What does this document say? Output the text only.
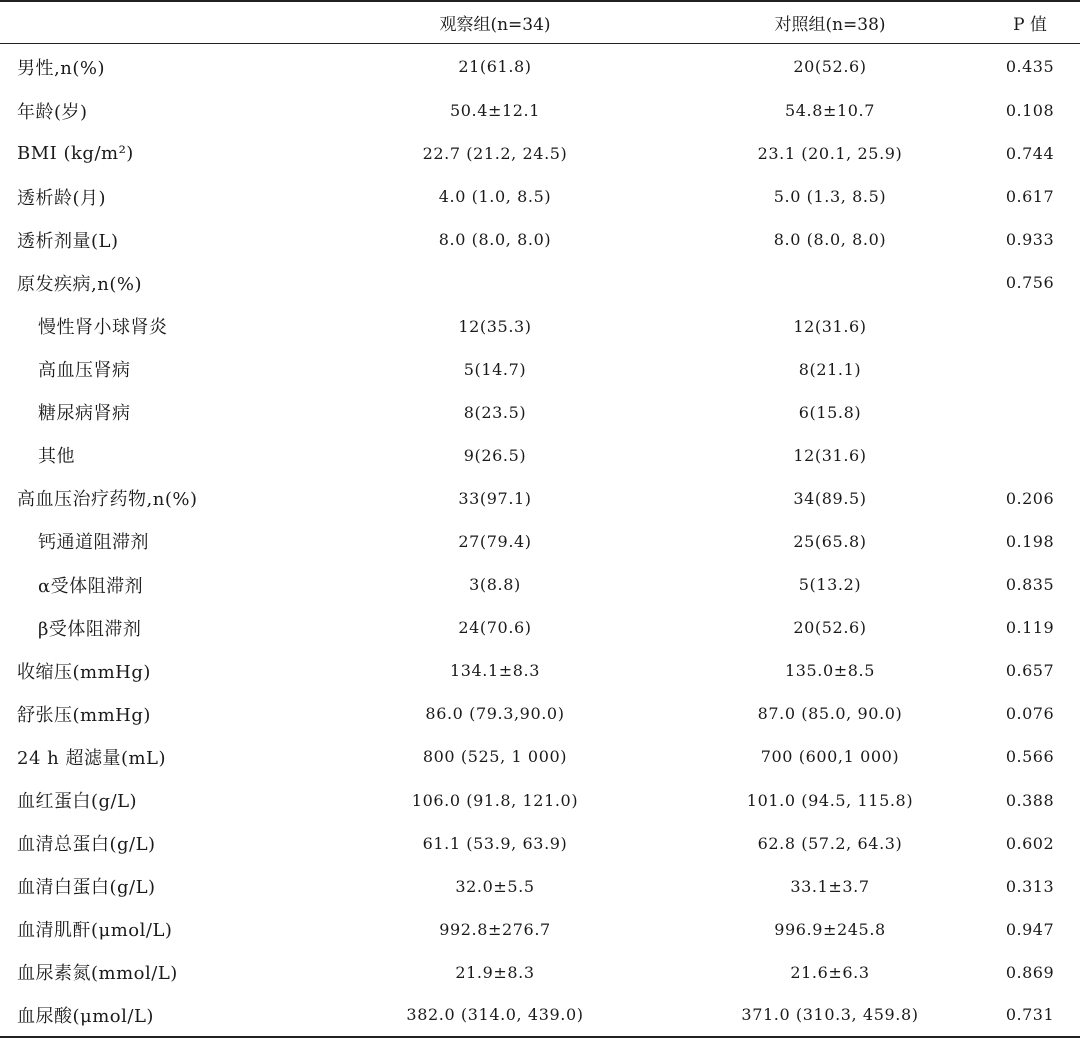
	观察组(n=34)	对照组(n=38)	P 值
男性,n(%)	21(61.8)	20(52.6)	0.435
年龄(岁)	50.4±12.1	54.8±10.7	0.108
BMI (kg/m²)	22.7 (21.2, 24.5)	23.1 (20.1, 25.9)	0.744
透析龄(月)	4.0 (1.0, 8.5)	5.0 (1.3, 8.5)	0.617
透析剂量(L)	8.0 (8.0, 8.0)	8.0 (8.0, 8.0)	0.933
原发疾病,n(%)			0.756
慢性肾小球肾炎	12(35.3)	12(31.6)	
高血压肾病	5(14.7)	8(21.1)	
糖尿病肾病	8(23.5)	6(15.8)	
其他	9(26.5)	12(31.6)	
高血压治疗药物,n(%)	33(97.1)	34(89.5)	0.206
钙通道阻滞剂	27(79.4)	25(65.8)	0.198
α受体阻滞剂	3(8.8)	5(13.2)	0.835
β受体阻滞剂	24(70.6)	20(52.6)	0.119
收缩压(mmHg)	134.1±8.3	135.0±8.5	0.657
舒张压(mmHg)	86.0 (79.3,90.0)	87.0 (85.0, 90.0)	0.076
24 h 超滤量(mL)	800 (525, 1 000)	700 (600,1 000)	0.566
血红蛋白(g/L)	106.0 (91.8, 121.0)	101.0 (94.5, 115.8)	0.388
血清总蛋白(g/L)	61.1 (53.9, 63.9)	62.8 (57.2, 64.3)	0.602
血清白蛋白(g/L)	32.0±5.5	33.1±3.7	0.313
血清肌酐(μmol/L)	992.8±276.7	996.9±245.8	0.947
血尿素氮(mmol/L)	21.9±8.3	21.6±6.3	0.869
血尿酸(μmol/L)	382.0 (314.0, 439.0)	371.0 (310.3, 459.8)	0.731
